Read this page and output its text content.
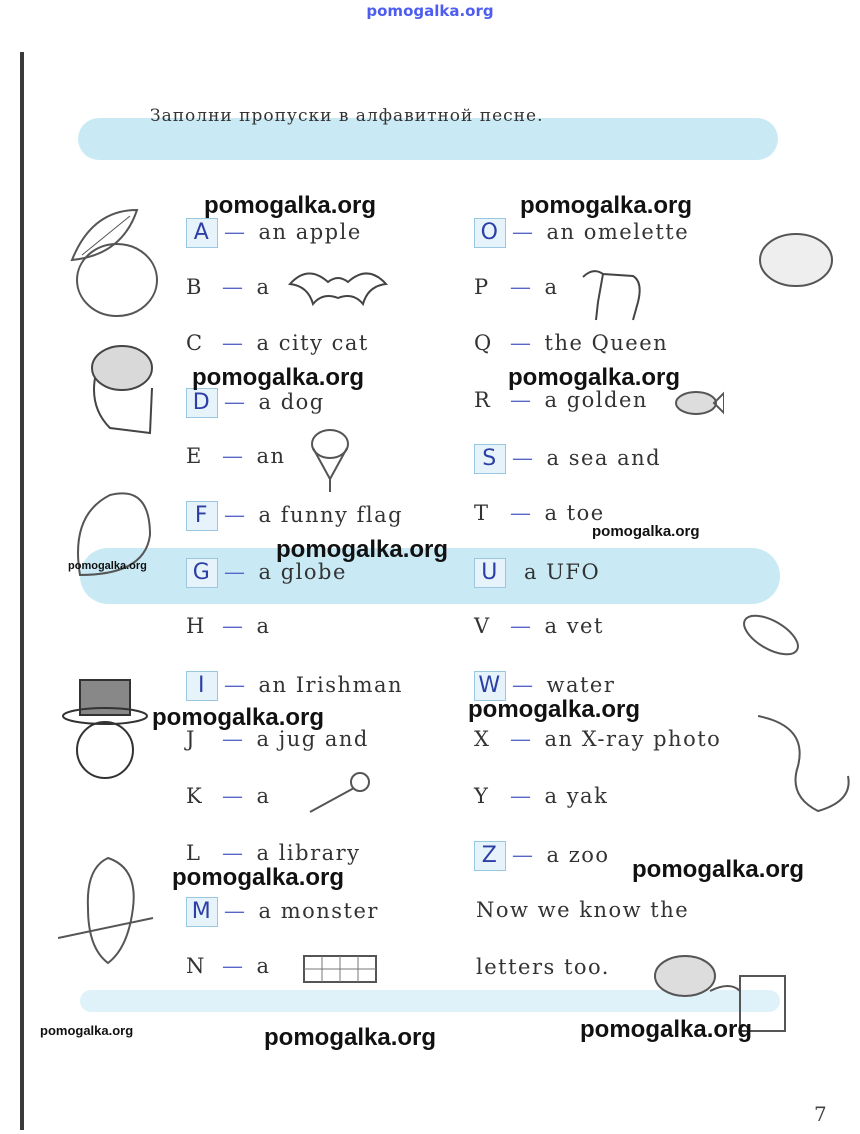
pomogalka.org
Заполни пропуски в алфавитной песне.
A — an apple
B — a
C — a city cat
D — a dog
E — an
F — a funny flag
G — a globe
H — a
I — an Irishman
J — a jug and
K — a
L — a library
M — a monster
N — a
O — an omelette
P — a
Q — the Queen
R — a golden
S — a sea and
T — a toe
U a UFO
V — a vet
W — water
X — an X-ray photo
Y — a yak
Z — a zoo
Now we know the
letters too.
pomogalka.org	pomogalka.org
pomogalka.org	pomogalka.org
pomogalka.org
pomogalka.org
pomogalka.org
pomogalka.org
pomogalka.org
pomogalka.org
pomogalka.org
pomogalka.org
pomogalka.org	pomogalka.org
7
